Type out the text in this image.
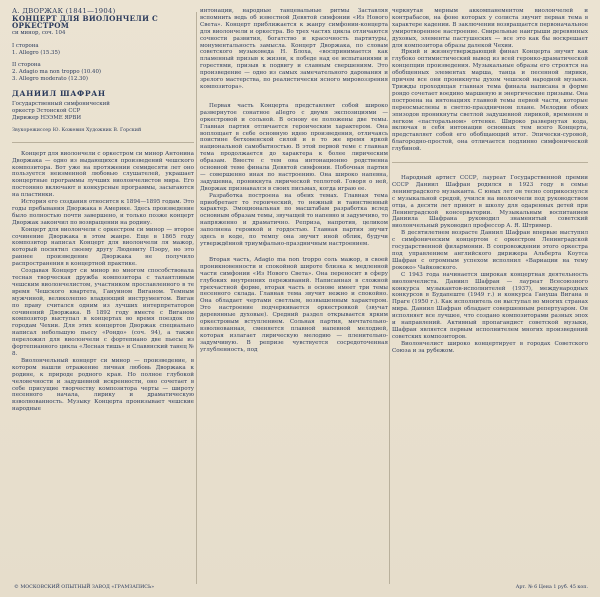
А. ДВОРЖАК (1841—1904)
КОНЦЕРТ ДЛЯ ВИОЛОНЧЕЛИ С ОРКЕСТРОМ
си минор, соч. 104
I сторона
1. Allegro (15.35)
II сторона
2. Adagio ma non troppo (10.40)
3. Allegro moderato (12.30)
ДАНИИЛ ШАФРАН
Государственный симфонический оркестр Эстонской ССР
Дирижер НЭЭМЕ ЯРВИ
Звукорежиссер Ю. Кожевин Художник В. Горский

Концерт для виолончели с оркестром си минор Антонина Дворжака — одно из выдающихся произведений чешского композитора. Вот уже на протяжении семидесяти лет оно пользуется неизменной любовью слушателей, украшает концертные программы лучших виолончелистов мира. Его постоянно включают в конкурсные программы, засыгаются на пластинки.

История его создания относится к 1894—1895 годам. Это годы пребывания Дворжака в Америке. Здесь произведение было полностью почти завершено, и только позже концерт Дворжак закончил по возвращении на родину.

Концерт для виолончели с оркестром си минор — второе сочинение Дворжака в этом жанре. Еще в 1865 году композитор написал Концерт для виолончели ля мажор, который посвятил своему другу Людевиту Пэору, но это раннее произведение Дворжака не получило распространения в концертной практике.

Создавая Концерт си минор во многом способствовала тесная творческая дружба композитора с талантливым чешским виолончелистом, участником прославленного в те время Чешского квартета, Гануином Виганом. Темным мужчиной, великолепно владеющий инструментом. Виган по праву считался одним из лучших интерпретаторов сочинений Дворжака. В 1892 году вместе с Виганом композитор выступал в концертах во время поездок по городам Чехии. Для этих концертов Дворжак специально написал небольшую пьесу «Рондо» (соч. 94), а также переложил для виолончели с фортепиано две пьесы из фортепианного цикла «Лесная тишь» и Славянский танец № 8.

Виолончельный концерт си минор — произведение, в котором нашли отражение личная любовь Дворжака к родине, к природе родного края. Но полное глубокой человечности и задушевной искренности, оно сочетает в себе присущие творчеству композитора черты — широту песенного начала, лирику и драматическую взволнованность. Музыку Концерта пронизывает чешские народные

интонации, народные танцевальные ритмы Заставляя вспомнить ведь об известной Девятой симфонии «Из Нового Света». Концерт приближается к жанру симфонии-концерта для виолончели и оркестра. Во трех частях цикла отличаются сочности развития, богатство и красочность партитуры, монументальность замысла. Концерт Дворжака, по словам советского музыковеда Н. Блоха, «воспринимается как пламенный призыв к жизни, к победе над ее испытаниями и горестями, призыв к подвигу и славным свершениям. Это произведение — одно из самых замечательного дарования и зрелого мастерства, по реалистически ясного мировоззрения композитора».

Первая часть Концерта представляет собой широко развернутое сонатное allegro с двумя экспозициями — оркестровой и сольной. В основу ее положены две темы. Главная партия отличается героическим характером. Она воплощает в себе основную идею произведения, отличаясь поистине бетховенской силой и в то же время яркой национальной самобытностью. В этой первой теме с главная тема продолжается до характера к более лирическим образам. Вместе с тем она интонационно родственна основной теме финала Девятой симфонии. Побочная партия — совершенно иная по настроению. Она широко напевна, задушевна, проникнута лирической теплотой. Говоря о ней, Дворжак признавался в своих письмах, когда играю ее.

Разработка построена на обеих темах. Главная тема приобретает то героический, то нежный и таинственный характер. Эмоциональная по масштабам разработка вслед основным образам темы, звучащей то напевно и задумчиво, то напряженно и драматично. Реприза, напротив, целиком заполнена героикой и гордостью. Главная партия звучит здесь в коде, по темпу она звучит иной облик, будучи утверждённой триумфально-праздничным настроением.

Вторая часть, Adagio ma non troppo соль мажор, в своей проникновенности и спокойной широте близка к медленной части симфонии «Из Нового Света». Она переносит в сферу глубоких внутренних переживаний. Написанная в сложной трехчастной форме, вторая часть в основе имеет три темы песенного склада. Главная тема звучит нежно и спокойно. Она обладает чертами светлым, возвышенным характером. Это настроение подчеркивается оркестровкой (звучат деревянные духовые). Средний раздел открывается ярким оркестровым вступлением. Сольная партия, мечтательно-взволнованная, сменяется плавной напевной мелодией, которая излагает лирическую мелодию — пленительно-задумчивую. В репризе чувствуется сосредоточенная углубленность, под

черкнутая мерным аккомпанементом виолончелей и контрабасов, на фоне которых у солиста звучит первая тема в характере кадении. В заключении возвращается первоначальное умиротворенное настроение. Свирельные наигрыши деревянных духовых, элементы пастушеских — все это как бы воскрешает для композитора образы далекой Чехии.

Яркий и жизнеутверждающий финал Концерта звучит как глубоко оптимистический вывод из всей героико-драматической концепции произведения. Музыкальные образы его строятся на обобщенных элементах марша, танца и песенной лирики, причем все они проникнуты духом чешской народной музыки. Трижды проходящая главная тема финала написана в форме рондо сочетает воедино маршевую и энергические призывы. Она построена на интонациях главной темы первой части, которые переосмыслены в светло-праздничном плане. Мелодии обоих эпизодов проникнуты светлой задушевной лирикой, временем в легком «пасторальном» оттенке. Широко развернутая кода, включая в себя интонации основных тем всего Концерта, представляет собой его обобщающий итог. Эпически-суровой, благородно-простой, она отличается подлинно симфонической глубиной.

Народный артист СССР, лауреат Государственной премии СССР Даниил Шафран родился в 1923 году в семье ленинградского музыканта. С юных лет он тесно соприкоснулся с музыкальной средой, учился на виолончели под руководством отца, а десяти лет принят в школу для одаренных детей при Ленинградской консерватории. Музыкальным воспитанием Даниила Шафрана руководил знаменитый советский виолончельный руководил профессор А. Я. Штример.

В десятилетнем возрасте Даниил Шафран впервые выступил с симфоническим концертом с оркестром Ленинградской государственной филармонии. В сопровождении этого оркестра под управлением английского дирижера Альберта Коутса Шафран с огромным успехом исполнил «Вариации на тему рококо» Чайковского.

С 1943 года начинается широкая концертная деятельность виолончелиста. Даниил Шафран — лауреат Всесоюзного конкурса музыкантов-исполнителей (1937), международных конкурсов в Будапеште (1949 г.) и конкурса Гануша Вигана в Праге (1950 г.). Как исполнитель он выступал во многих странах мира. Даниил Шафран обладает совершенным репертуаром. Он исполняет все лучшее, что создано композиторами разных эпох и направлений. Активный пропагандист советской музыки, Шафран является первым исполнителем многих произведений советских композиторов.

Виолончелист широко концертирует в городах Советского Союза и за рубежом.

© МОСКОВСКИЙ ОПЫТНЫЙ ЗАВОД «ГРАМЗАПИСЬ»	Арт. № 6 Цена 1 руб. 45 коп.
